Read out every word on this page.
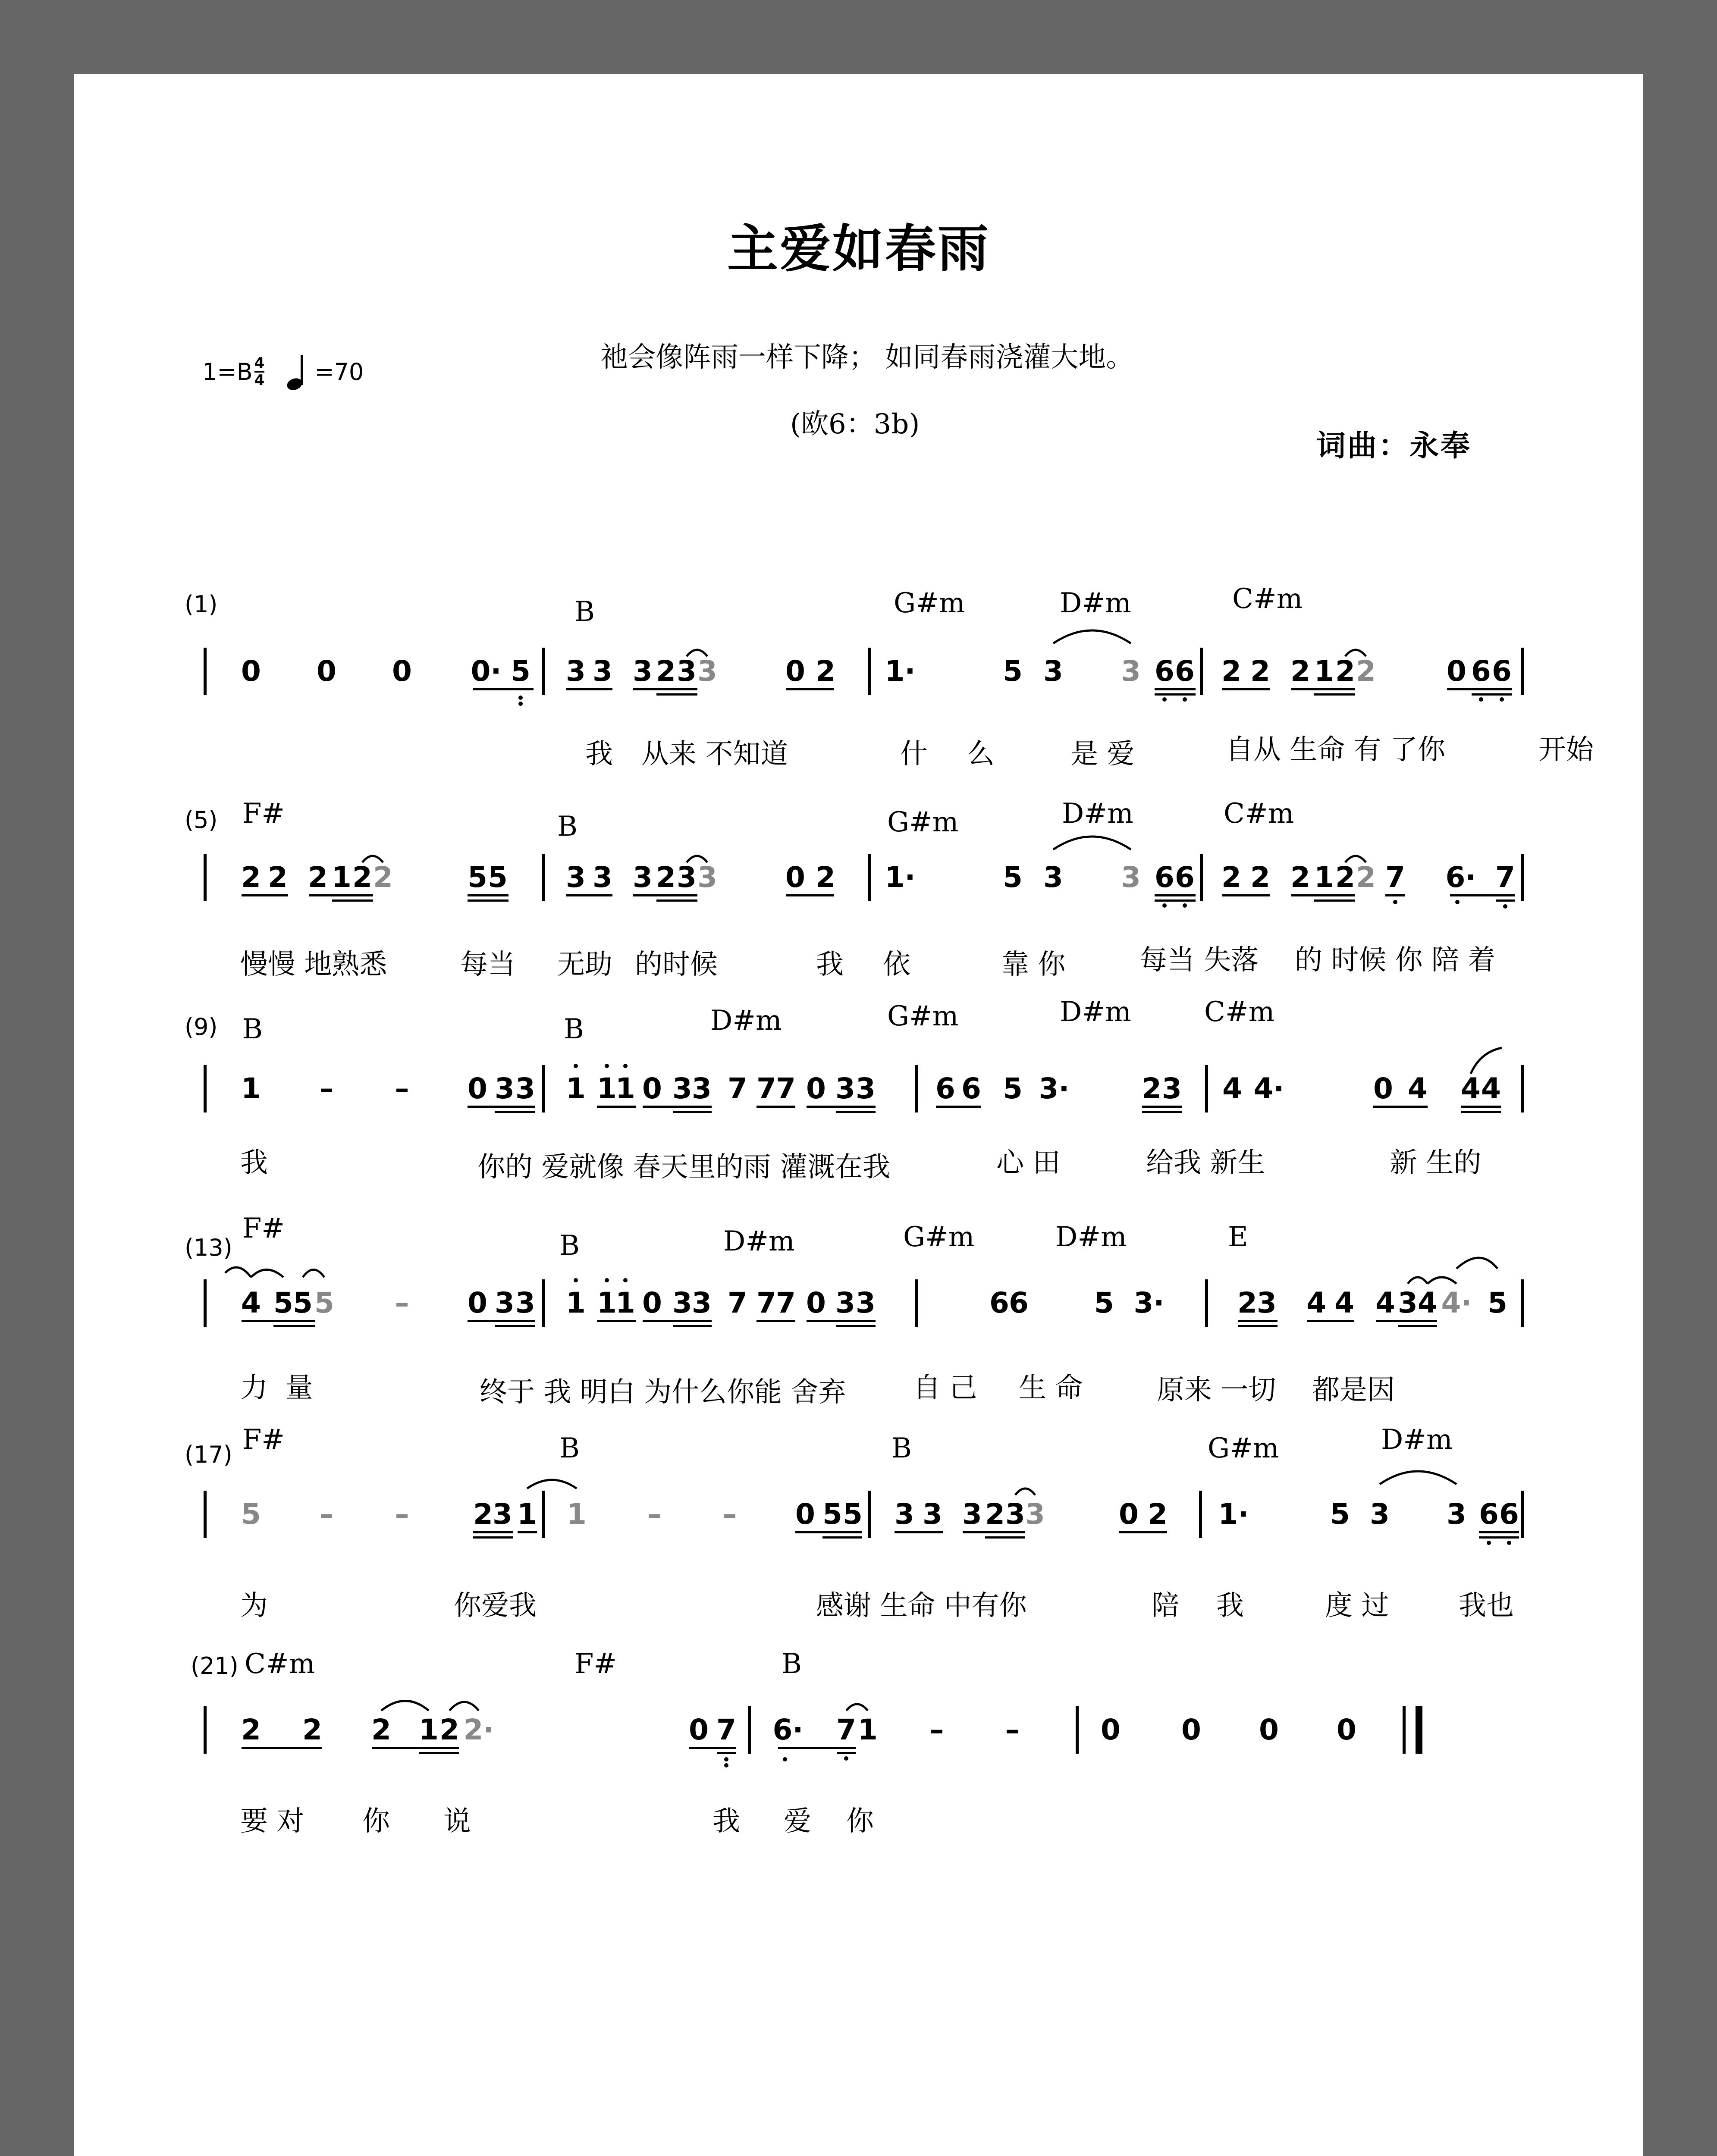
主爱如春雨
$1=B \frac{4}{4} =70$	祂会像阵雨一样下降； 如同春雨浇灌大地。
(欧6：3b)
词曲：永奉
(1)	B	G#m	D#m	C#m
0 0 0 0· 5 3 3 3 2 3 3 0 2 1·	5 3 3 6 6 2 2 2 1 2 2 0 6 6
我 从来 不知道	什 么	是 爱	自从 生命 有 了你	开始
(5) F#	B	G#m	D#m	C#m
2 2 2 1 2 2	5 5 3 3 3 2 3 3 0 2 1·	5 3 3 6 6 2 2 2 1 2 2 7 6· 7
慢慢 地熟悉	每当 无助 的时候	我 依	靠 你	每当 失落 的 时候 你 陪 着
(9) B	B	D#m	G#m	D#m	C#m
1 – – 0 3 3 1 1
1 0 3 3 7 7 7 0 3 3 6 6 5 3·	2 3 4 4·	0 4 4 4
我	你的 爱就像 春天里的雨 灌溉在我	心 田	给我 新生	新 生的
(13)
F#
B	D#m	G#m	D#m	E
4 5 5 5 – 0 3 3 1 1
1 0 3 3 7 7 7 0 3 3	6 6 5 3·	2 3 4 4 4 3 4 4· 5
力  量	终于 我 明白 为什么你能 舍弃 自 己 生 命	原来 一切 都是因
(17) F#	B	B	G#m	D#m
5 – – 2 3 1 1 – – 0 5 5 3 3 3 2 3 3	0 2 1·	5 3 3 6 6
为	你爱我	感谢 生命 中有你	陪 我	度 过	我也
(21) C#m	F#	B
2 2 2 1 2 2·	0 7 6· 7 1 – –	0 0 0 0
要 对 你 说	我 爱 你
